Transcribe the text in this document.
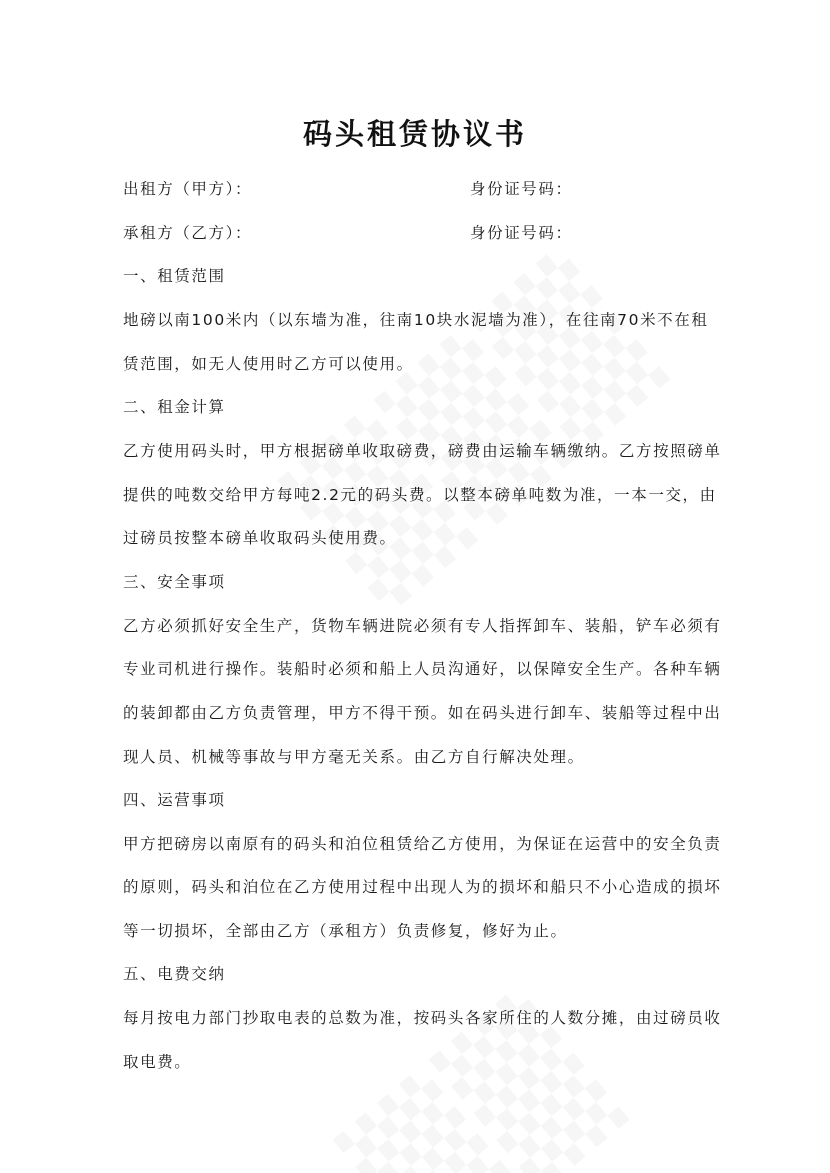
码头租赁协议书
出租方（甲方）：	身份证号码：
承租方（乙方）：	身份证号码：
一、租赁范围
地磅以南100米内（以东墙为准，往南10块水泥墙为准），在往南70米不在租
赁范围，如无人使用时乙方可以使用。
二、租金计算
乙方使用码头时，甲方根据磅单收取磅费，磅费由运输车辆缴纳。乙方按照磅单
提供的吨数交给甲方每吨2.2元的码头费。以整本磅单吨数为准，一本一交，由
过磅员按整本磅单收取码头使用费。
三、安全事项
乙方必须抓好安全生产，货物车辆进院必须有专人指挥卸车、装船，铲车必须有
专业司机进行操作。装船时必须和船上人员沟通好，以保障安全生产。各种车辆
的装卸都由乙方负责管理，甲方不得干预。如在码头进行卸车、装船等过程中出
现人员、机械等事故与甲方毫无关系。由乙方自行解决处理。
四、运营事项
甲方把磅房以南原有的码头和泊位租赁给乙方使用，为保证在运营中的安全负责
的原则，码头和泊位在乙方使用过程中出现人为的损坏和船只不小心造成的损坏
等一切损坏，全部由乙方（承租方）负责修复，修好为止。
五、电费交纳
每月按电力部门抄取电表的总数为准，按码头各家所住的人数分摊，由过磅员收
取电费。
